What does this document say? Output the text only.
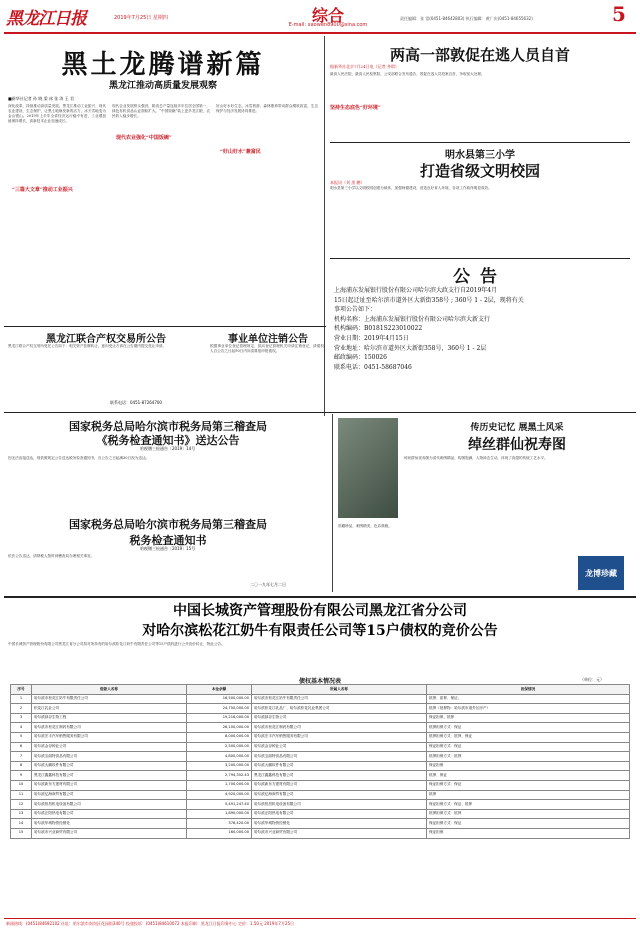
黑龙江日报	2019年7月25日 星期四	综合
E-mail: xaowen8900@sina.com
责任编辑：张 雷(0451-84642803) 执行编辑：黄广庆(0451-84655632)	5
黑土龙腾谱新篇
黑龙江推动高质量发展观察
■新华社记者 孙 晓 梁 冰 张 涛 王 君
深化改革，持续推动高质量发展。黑龙江推动工业振兴、现代农业建设、生态保护，让黑土地焕发新的活力，冰天雪地变为金山银山。2019年上半年全省经济运行稳中有进，工业增加值保持增长，高新技术企业加速成长。
“三篇大文章”推动工业振兴
现代农业发展势头强劲，粮食总产量连续多年位居全国第一，绿色有机食品认证面积扩大。“中国饭碗”装上更多龙江粮，农民收入稳步增长。
现代农业强化“中国饭碗”
好山好水好生态，冰雪旅游、森林康养带动群众增收致富，生态保护与经济发展协同推进。
“好山好水”兼富民
坚持生态底色“好环境”
两高一部敦促在逃人员自首
据新华社北京7月24日电（记者 齐琪）
最高人民法院、最高人民检察院、公安部联合发布通告，敦促在逃人员投案自首，争取宽大处理。
明水县第三小学
打造省级文明校园
本报讯（刘 黑 鹏）
明水县第三小学以文明校园创建为载体，加强师德建设，营造良好育人环境，各项工作取得明显成效。
公告
上海浦东发展银行股份有限公司哈尔滨大政支行自2019年4月
15日起迁址至哈尔滨市道外区大新街358号 ; 360号 1 - 2层，现将有关
事项公告如下：
机构名称：上海浦东发展银行股份有限公司哈尔滨大新支行
机构编码：B0181S223010022
营业日期：2019年4月15日
营业地址：哈尔滨市道外区大新街358号，360号 1 - 2层
邮政编码：150026
联系电话：0451-58687046
黑龙江联合产权交易所公告
黑龙江联合产权交易所受托公告如下：相关资产挂牌转让，意向受让方请在公告期内提交受让申请。
联系电话：0451-87264700
事业单位注销公告
根据事业单位登记管理规定，拟向登记管理机关申请注销登记，请债权人自公告之日起90日内向清算组申报债权。
国家税务总局哈尔滨市税务局第三稽查局
《税务检查通知书》送达公告
哈税稽三检通告〔2019〕14号
因无法直接送达，现依照规定公告送达税务检查通知书，自公告之日起满30日视为送达。
国家税务总局哈尔滨市税务局第三稽查局
税务检查通知书
哈税稽三检通告〔2019〕15号
依法公告送达，请纳税人按时到稽查局办理相关事宜。
二〇一九年七月二日
馆藏珍品，刺绣精美，色彩典雅。
传历史记忆 展黑土风采
绰丝群仙祝寿图
绰丝群仙祝寿图为清代刺绣精品，构图饱满，人物神态生动，体现了高超的传统工艺水平。
龙博珍藏
中国长城资产管理股份有限公司黑龙江省分公司
对哈尔滨松花江奶牛有限责任公司等15户债权的竞价公告
中国长城资产管理股份有限公司黑龙江省分公司拟对所持有的哈尔滨松花江奶牛有限责任公司等15户债权进行公开竞价转让，特此公告。
债权基本情况表	（单位：元）
序号	借款人名称	本金余额	所属人名称	担保情况
1	哈尔滨市松花江奶牛有限责任公司	16,500,000.00	哈尔滨市松花江奶牛有限责任公司	抵押、质押、保证；
2	松花江乳业公司	24,750,000.00	哈尔滨松花江乳品厂、哈尔滨松花乳业集团公司	抵押（抵押物：哈尔滨市道外区房产）
3	哈尔滨绿谷生物工程	19,216,000.00	哈尔滨绿谷生物公司	保证担保、抵押
4	哈尔滨市松花江制药有限公司	26,100,000.00	哈尔滨市松花江制药有限公司	抵押担保方式：保证
5	哈尔滨宏丰汽车销售服务有限公司	8,000,000.00	哈尔滨宏丰汽车销售服务有限公司	抵押担保方式：抵押、保证
6	哈尔滨金谷种业公司	2,500,000.00	哈尔滨金谷种业公司	保证担保方式：保证
7	哈尔滨宝丽特食品有限公司	4,800,000.00	哈尔滨宝丽特食品有限公司	抵押担保方式：抵押
8	哈尔滨大鹏软件有限公司	3,200,000.00	哈尔滨大鹏软件有限公司	保证担保
9	黑龙江鑫鑫科技有限公司	2,794,352.43	黑龙江鑫鑫科技有限公司	抵押、保证
10	哈尔滨新东方建材有限公司	1,700,000.00	哈尔滨新东方建材有限公司	保证担保方式：保证
11	哈尔滨亿海商贸有限公司	4,920,000.00	哈尔滨亿海商贸有限公司	抵押
12	哈尔滨恒昌机电设备有限公司	5,491,247.40	哈尔滨恒昌机电设备有限公司	保证担保方式：保证、抵押
13	哈尔滨正阳热电有限公司	1,890,000.00	哈尔滨正阳热电有限公司	抵押担保方式：抵押
14	哈尔滨华城物资经销处	378,420.00	哈尔滨华城物资经销处	保证担保方式：保证
15	哈尔滨市兴业商贸有限公司	160,000.00	哈尔滨市兴业商贸有限公司	保证担保
新闻热线：(0451)84692102 社址：哈尔滨市南岗区花园街340号 投递投诉：(0451)84610072 本报印刷：黑龙江日报印务中心 定价：1.50元 2019年7月25日
